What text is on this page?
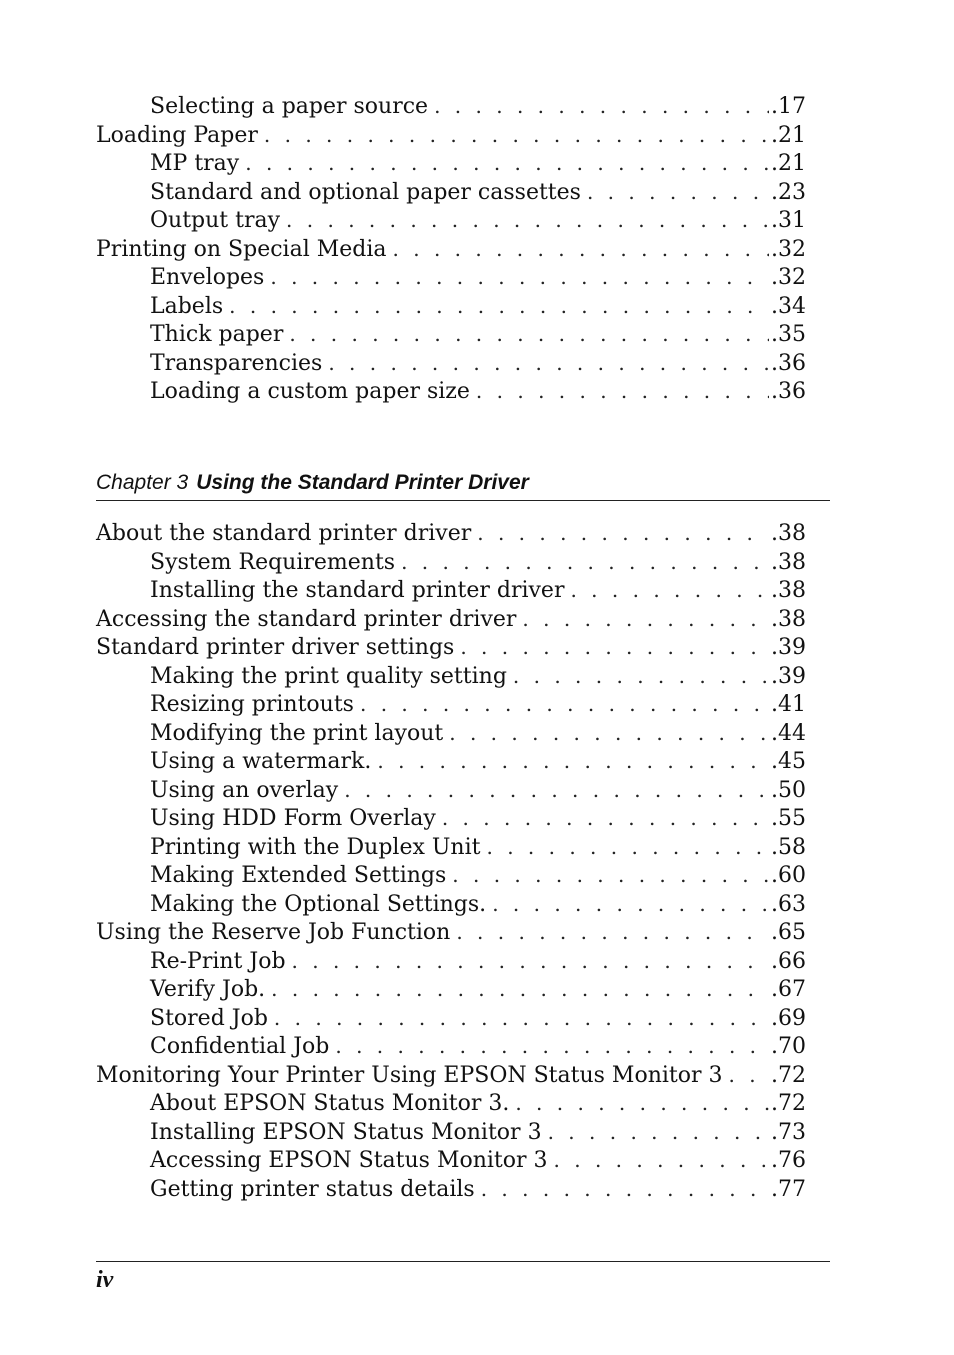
Selecting a paper source . . .	.17
Loading Paper . . .	.21
MP tray . . .	.21
Standard and optional paper cassettes . . .	.23
Output tray . . .	.31
Printing on Special Media . . .	.32
Envelopes . . .	.32
Labels . . .	.34
Thick paper . . .	.35
Transparencies . . .	.36
Loading a custom paper size . . .	.36
Chapter 3 Using the Standard Printer Driver
About the standard printer driver . . .	.38
System Requirements . . .	.38
Installing the standard printer driver . . .	.38
Accessing the standard printer driver . . .	.38
Standard printer driver settings . . .	.39
Making the print quality setting . . .	.39
Resizing printouts . . .	.41
Modifying the print layout . . .	.44
Using a watermark. . . .	.45
Using an overlay . . .	.50
Using HDD Form Overlay . . .	.55
Printing with the Duplex Unit . . .	.58
Making Extended Settings . . .	.60
Making the Optional Settings. . . .	.63
Using the Reserve Job Function . . .	.65
Re-Print Job . . .	.66
Verify Job. . . .	.67
Stored Job . . .	.69
Confidential Job . . .	.70
Monitoring Your Printer Using EPSON Status Monitor 3 . . . .72
About EPSON Status Monitor 3. . . .	.72
Installing EPSON Status Monitor 3 . . .	.73
Accessing EPSON Status Monitor 3 . . .	.76
Getting printer status details . . .	.77
iv
